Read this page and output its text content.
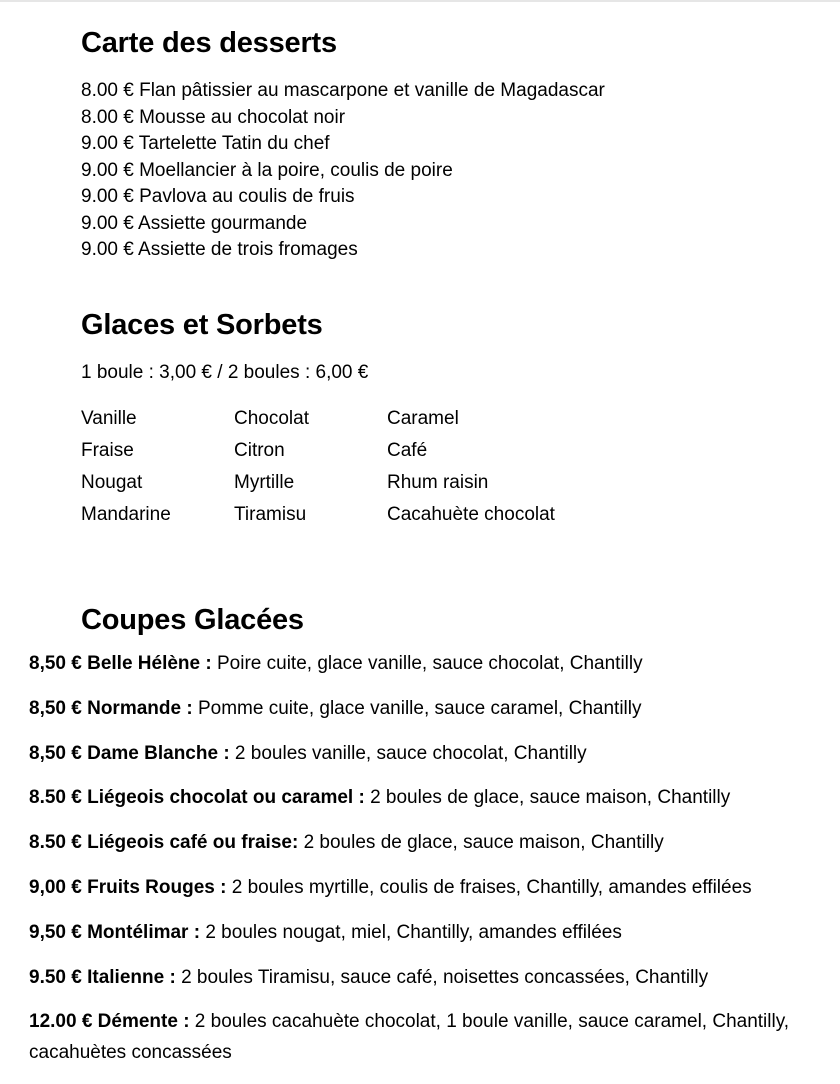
Carte des desserts
8.00 € Flan pâtissier au mascarpone et vanille de Magadascar
8.00 € Mousse au chocolat noir
9.00 € Tartelette Tatin du chef
9.00 € Moellancier à la poire, coulis de poire
9.00 € Pavlova au coulis de fruis
9.00 € Assiette gourmande
9.00 € Assiette de trois fromages
Glaces et Sorbets

1 boule : 3,00 € / 2 boules : 6,00 €

Vanille	Chocolat	Caramel
Fraise	Citron	Café
Nougat	Myrtille	Rhum raisin
Mandarine	Tiramisu	Cacahuète chocolat
Coupes Glacées
8,50 € Belle Hélène : Poire cuite, glace vanille, sauce chocolat, Chantilly
8,50 € Normande : Pomme cuite, glace vanille, sauce caramel, Chantilly
8,50 € Dame Blanche : 2 boules vanille, sauce chocolat, Chantilly
8.50 € Liégeois chocolat ou caramel : 2 boules de glace, sauce maison, Chantilly
8.50 € Liégeois café ou fraise: 2 boules de glace, sauce maison, Chantilly
9,00 € Fruits Rouges : 2 boules myrtille, coulis de fraises, Chantilly, amandes effilées
9,50 € Montélimar : 2 boules nougat, miel, Chantilly, amandes effilées
9.50 € Italienne : 2 boules Tiramisu, sauce café, noisettes concassées, Chantilly
12.00 € Démente : 2 boules cacahuète chocolat, 1 boule vanille, sauce caramel, Chantilly, cacahuètes concassées
